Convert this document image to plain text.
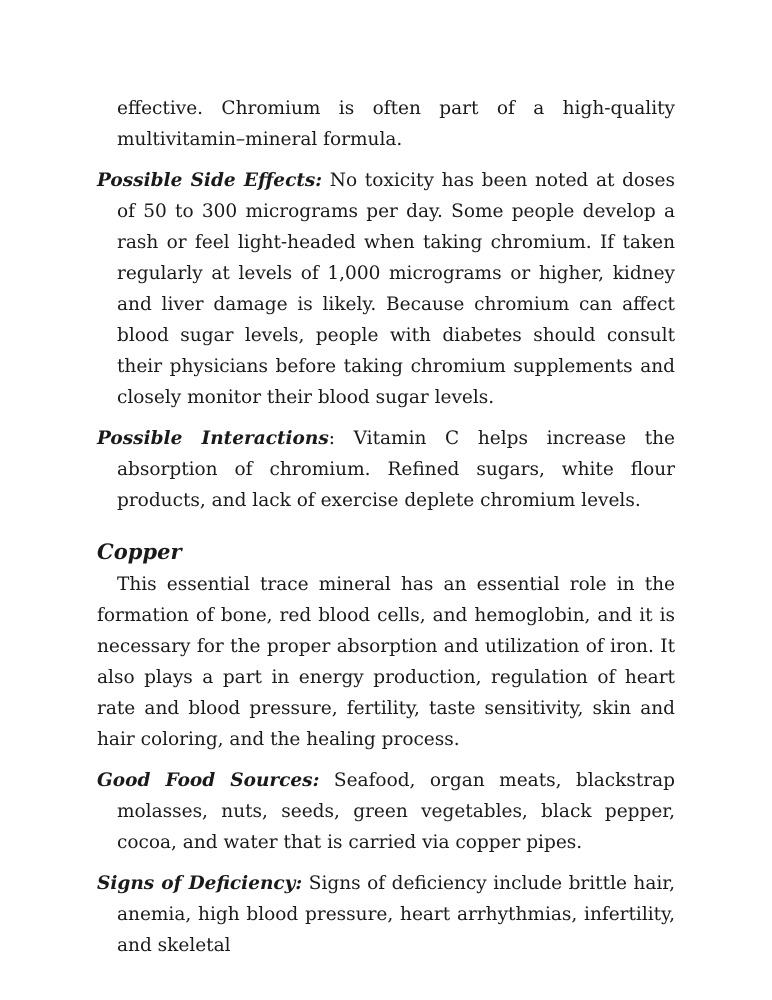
effective. Chromium is often part of a high-quality multivitamin–mineral formula.

Possible Side Effects: No toxicity has been noted at doses of 50 to 300 micrograms per day. Some people develop a rash or feel light-headed when taking chromium. If taken regularly at levels of 1,000 micrograms or higher, kidney and liver damage is likely. Because chromium can affect blood sugar levels, people with diabetes should consult their physicians before taking chromium supplements and closely monitor their blood sugar levels.

Possible Interactions: Vitamin C helps increase the absorption of chromium. Refined sugars, white flour products, and lack of exercise deplete chromium levels.

Copper

This essential trace mineral has an essential role in the formation of bone, red blood cells, and hemoglobin, and it is necessary for the proper absorption and utilization of iron. It also plays a part in energy production, regulation of heart rate and blood pressure, fertility, taste sensitivity, skin and hair coloring, and the healing process.

Good Food Sources: Seafood, organ meats, blackstrap molasses, nuts, seeds, green vegetables, black pepper, cocoa, and water that is carried via copper pipes.

Signs of Deficiency: Signs of deficiency include brittle hair, anemia, high blood pressure, heart arrhythmias, infertility, and skeletal
